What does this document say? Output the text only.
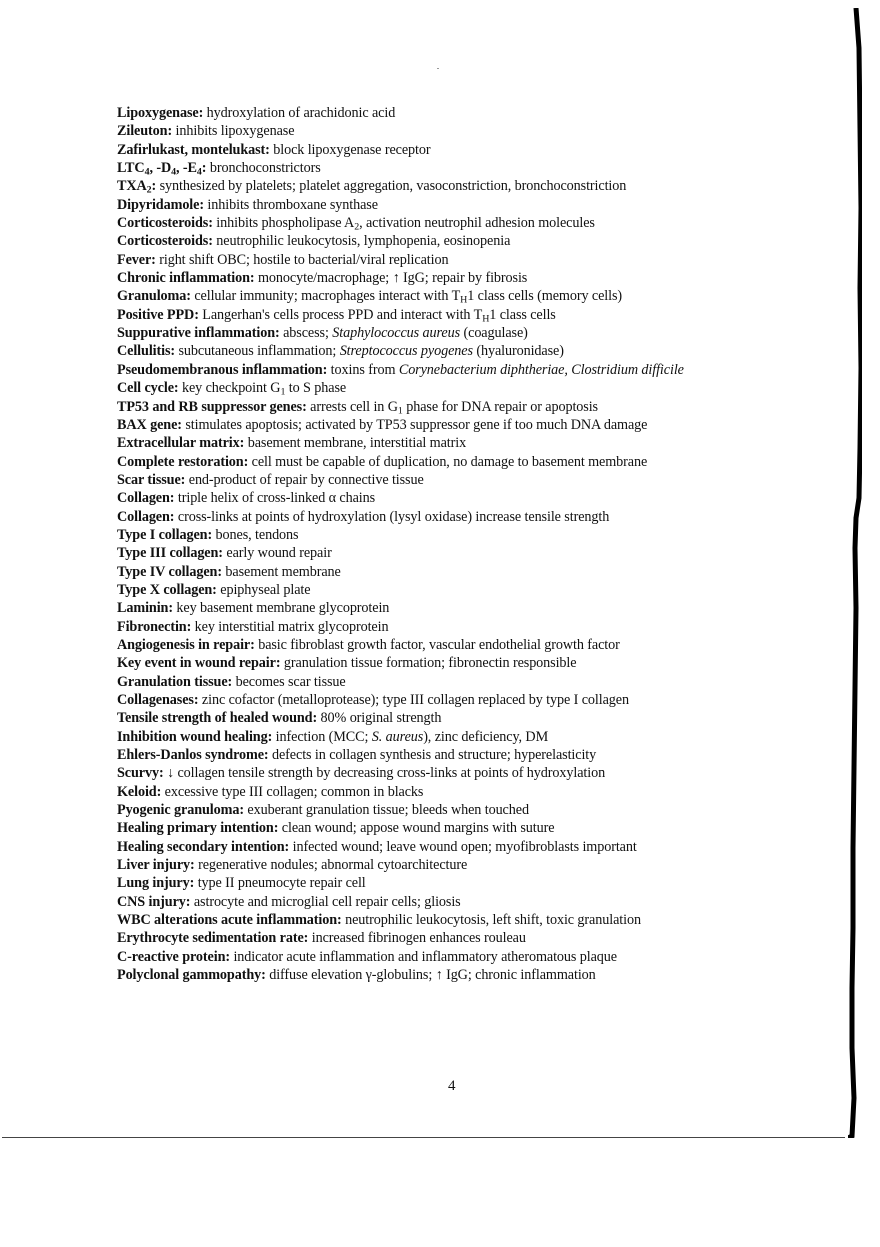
Lipoxygenase: hydroxylation of arachidonic acid
Zileuton: inhibits lipoxygenase
Zafirlukast, montelukast: block lipoxygenase receptor
$LTC_4$, $-D_4$, $-E_4$: bronchoconstrictors
$TXA_2$: synthesized by platelets; platelet aggregation, vasoconstriction, bronchoconstriction
Dipyridamole: inhibits thromboxane synthase
Corticosteroids: inhibits phospholipase $A_2$, activation neutrophil adhesion molecules
Corticosteroids: neutrophilic leukocytosis, lymphopenia, eosinopenia
Fever: right shift OBC; hostile to bacterial/viral replication
Chronic inflammation: monocyte/macrophage; ↑ IgG; repair by fibrosis
Granuloma: cellular immunity; macrophages interact with $T_H1$ class cells (memory cells)
Positive PPD: Langerhan's cells process PPD and interact with $T_H1$ class cells
Suppurative inflammation: abscess; Staphylococcus aureus (coagulase)
Cellulitis: subcutaneous inflammation; Streptococcus pyogenes (hyaluronidase)
Pseudomembranous inflammation: toxins from Corynebacterium diphtheriae, Clostridium difficile
Cell cycle: key checkpoint $G_1$ to S phase
TP53 and RB suppressor genes: arrests cell in $G_1$ phase for DNA repair or apoptosis
BAX gene: stimulates apoptosis; activated by TP53 suppressor gene if too much DNA damage
Extracellular matrix: basement membrane, interstitial matrix
Complete restoration: cell must be capable of duplication, no damage to basement membrane
Scar tissue: end-product of repair by connective tissue
Collagen: triple helix of cross-linked α chains
Collagen: cross-links at points of hydroxylation (lysyl oxidase) increase tensile strength
Type I collagen: bones, tendons
Type III collagen: early wound repair
Type IV collagen: basement membrane
Type X collagen: epiphyseal plate
Laminin: key basement membrane glycoprotein
Fibronectin: key interstitial matrix glycoprotein
Angiogenesis in repair: basic fibroblast growth factor, vascular endothelial growth factor
Key event in wound repair: granulation tissue formation; fibronectin responsible
Granulation tissue: becomes scar tissue
Collagenases: zinc cofactor (metalloprotease); type III collagen replaced by type I collagen
Tensile strength of healed wound: 80% original strength
Inhibition wound healing: infection (MCC; S. aureus), zinc deficiency, DM
Ehlers-Danlos syndrome: defects in collagen synthesis and structure; hyperelasticity
Scurvy: ↓ collagen tensile strength by decreasing cross-links at points of hydroxylation
Keloid: excessive type III collagen; common in blacks
Pyogenic granuloma: exuberant granulation tissue; bleeds when touched
Healing primary intention: clean wound; appose wound margins with suture
Healing secondary intention: infected wound; leave wound open; myofibroblasts important
Liver injury: regenerative nodules; abnormal cytoarchitecture
Lung injury: type II pneumocyte repair cell
CNS injury: astrocyte and microglial cell repair cells; gliosis
WBC alterations acute inflammation: neutrophilic leukocytosis, left shift, toxic granulation
Erythrocyte sedimentation rate: increased fibrinogen enhances rouleau
C-reactive protein: indicator acute inflammation and inflammatory atheromatous plaque
Polyclonal gammopathy: diffuse elevation γ-globulins; ↑ IgG; chronic inflammation
4
